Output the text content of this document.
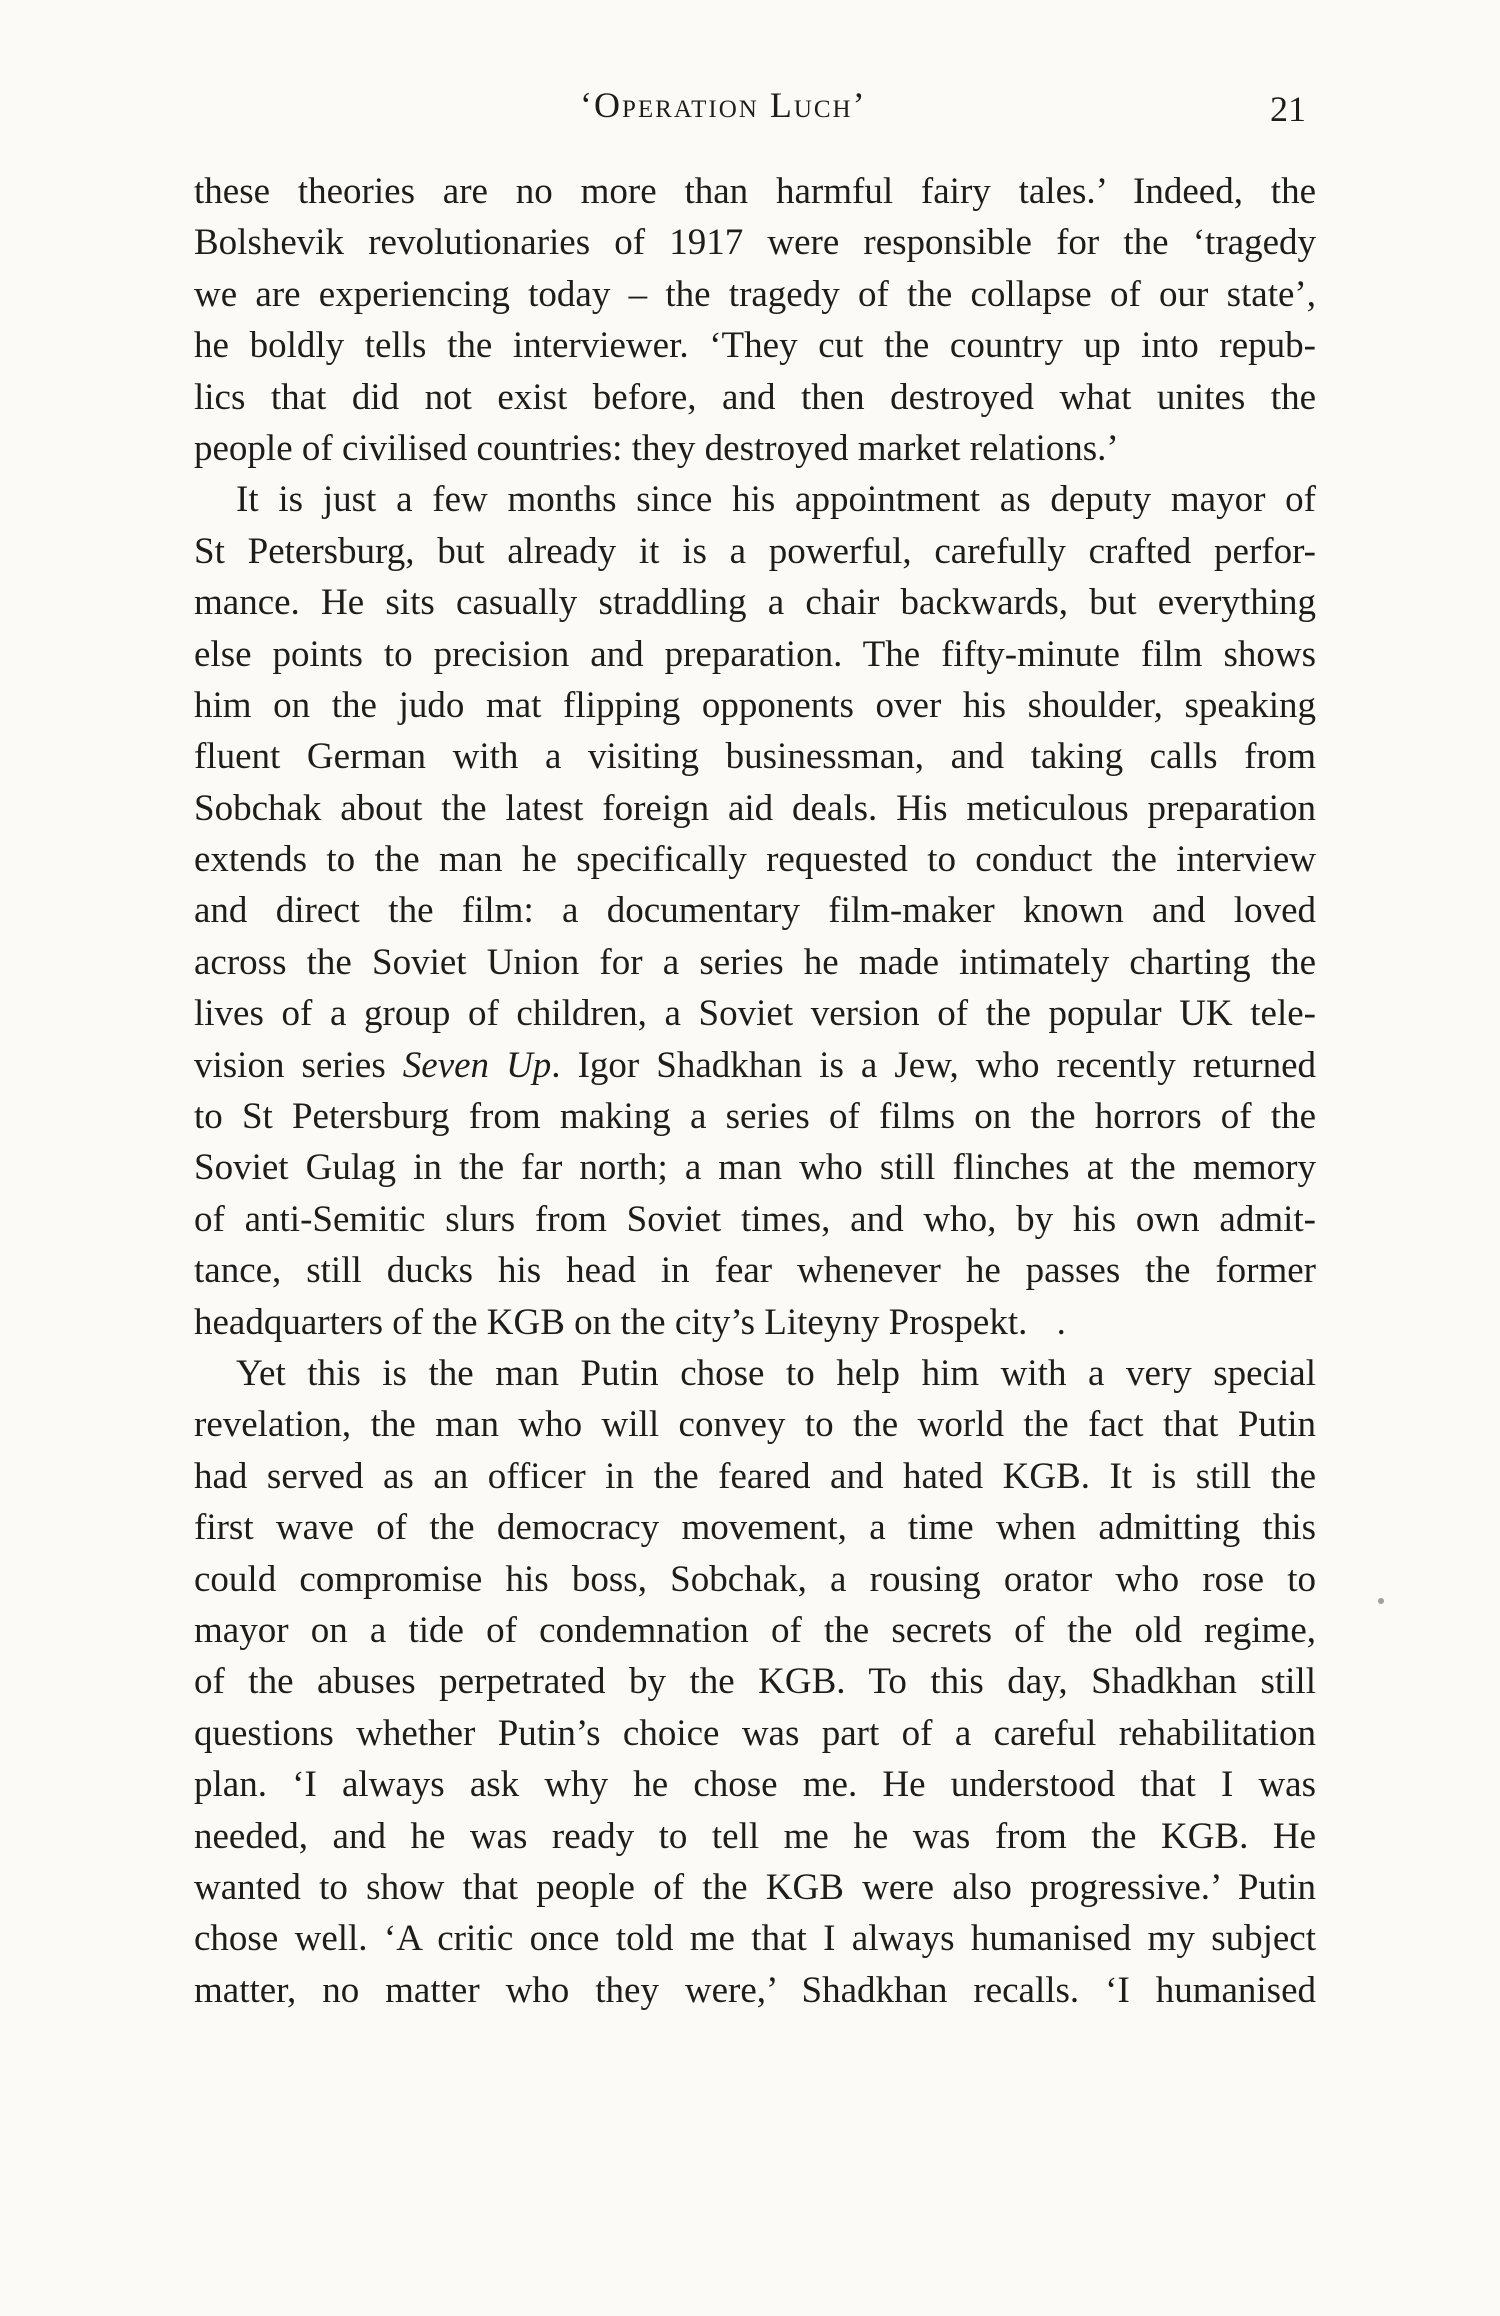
‘Operation Luch’	21
these theories are no more than harmful fairy tales.’ Indeed, the
Bolshevik revolutionaries of 1917 were responsible for the ‘tragedy
we are experiencing today – the tragedy of the collapse of our state’,
he boldly tells the interviewer. ‘They cut the country up into repub-
lics that did not exist before, and then destroyed what unites the
people of civilised countries: they destroyed market relations.’
It is just a few months since his appointment as deputy mayor of
St Petersburg, but already it is a powerful, carefully crafted perfor-
mance. He sits casually straddling a chair backwards, but everything
else points to precision and preparation. The fifty-minute film shows
him on the judo mat flipping opponents over his shoulder, speaking
fluent German with a visiting businessman, and taking calls from
Sobchak about the latest foreign aid deals. His meticulous preparation
extends to the man he specifically requested to conduct the interview
and direct the film: a documentary film-maker known and loved
across the Soviet Union for a series he made intimately charting the
lives of a group of children, a Soviet version of the popular UK tele-
vision series Seven Up. Igor Shadkhan is a Jew, who recently returned
to St Petersburg from making a series of films on the horrors of the
Soviet Gulag in the far north; a man who still flinches at the memory
of anti-Semitic slurs from Soviet times, and who, by his own admit-
tance, still ducks his head in fear whenever he passes the former
headquarters of the KGB on the city’s Liteyny Prospekt. .
Yet this is the man Putin chose to help him with a very special
revelation, the man who will convey to the world the fact that Putin
had served as an officer in the feared and hated KGB. It is still the
first wave of the democracy movement, a time when admitting this
could compromise his boss, Sobchak, a rousing orator who rose to
mayor on a tide of condemnation of the secrets of the old regime,
of the abuses perpetrated by the KGB. To this day, Shadkhan still
questions whether Putin’s choice was part of a careful rehabilitation
plan. ‘I always ask why he chose me. He understood that I was
needed, and he was ready to tell me he was from the KGB. He
wanted to show that people of the KGB were also progressive.’ Putin
chose well. ‘A critic once told me that I always humanised my subject
matter, no matter who they were,’ Shadkhan recalls. ‘I humanised
